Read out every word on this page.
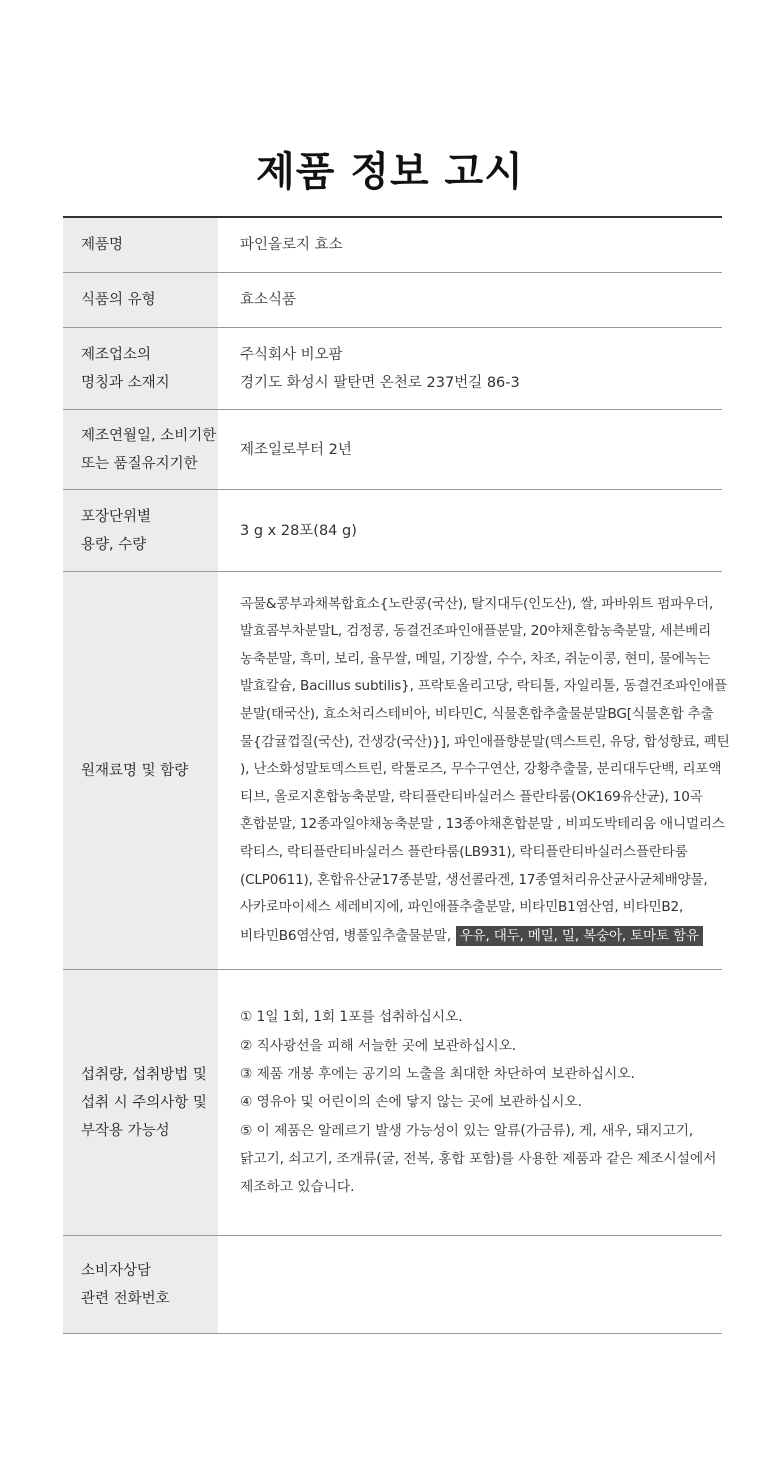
제품 정보 고시
제품명	파인올로지 효소
식품의 유형	효소식품
제조업소의
명칭과 소재지
주식회사 비오팜
경기도 화성시 팔탄면 온천로 237번길 86-3
제조연월일, 소비기한
또는 품질유지기한
제조일로부터 2년
포장단위별
용량, 수량
3 g x 28포(84 g)
원재료명 및 함량
곡물&콩부과채복합효소{노란콩(국산), 탈지대두(인도산), 쌀, 파바위트 펌파우더,
발효콤부차분말L, 검정콩, 동결건조파인애플분말, 20야채혼합농축분말, 세븐베리
농축분말, 흑미, 보리, 율무쌀, 메밀, 기장쌀, 수수, 차조, 쥐눈이콩, 현미, 물에녹는
발효칼슘, Bacillus subtilis}, 프락토올리고당, 락티톨, 자일리톨, 동결건조파인애플
분말(태국산), 효소처리스테비아, 비타민C, 식물혼합추출물분말BG[식물혼합 추출
물{감귤껍질(국산), 건생강(국산)}], 파인애플향분말(덱스트린, 유당, 합성향료, 펙틴
), 난소화성말토덱스트린, 락툴로즈, 무수구연산, 강황추출물, 분리대두단백, 리포액
티브, 올로지혼합농축분말, 락티플란티바실러스 플란타룸(OK169유산균), 10곡
혼합분말, 12종과일야채농축분말 , 13종야채혼합분말 , 비피도박테리움 애니멀리스
락티스, 락티플란티바실러스 플란타룸(LB931), 락티플란티바실러스플란타룸
(CLP0611), 혼합유산균17종분말, 생선콜라겐, 17종열처리유산균사균체배양물,
사카로마이세스 세레비지에, 파인애플추출분말, 비타민B1염산염, 비타민B2,
비타민B6염산염, 병풀잎추출물분말, 우유, 대두, 메밀, 밀, 복숭아, 토마토 함유
섭취량, 섭취방법 및
섭취 시 주의사항 및
부작용 가능성
① 1일 1회, 1회 1포를 섭취하십시오.
② 직사광선을 피해 서늘한 곳에 보관하십시오.
③ 제품 개봉 후에는 공기의 노출을 최대한 차단하여 보관하십시오.
④ 영유아 및 어린이의 손에 닿지 않는 곳에 보관하십시오.
⑤ 이 제품은 알레르기 발생 가능성이 있는 알류(가금류), 게, 새우, 돼지고기,
닭고기, 쇠고기, 조개류(굴, 전복, 홍합 포함)를 사용한 제품과 같은 제조시설에서
제조하고 있습니다.
소비자상담
관련 전화번호
